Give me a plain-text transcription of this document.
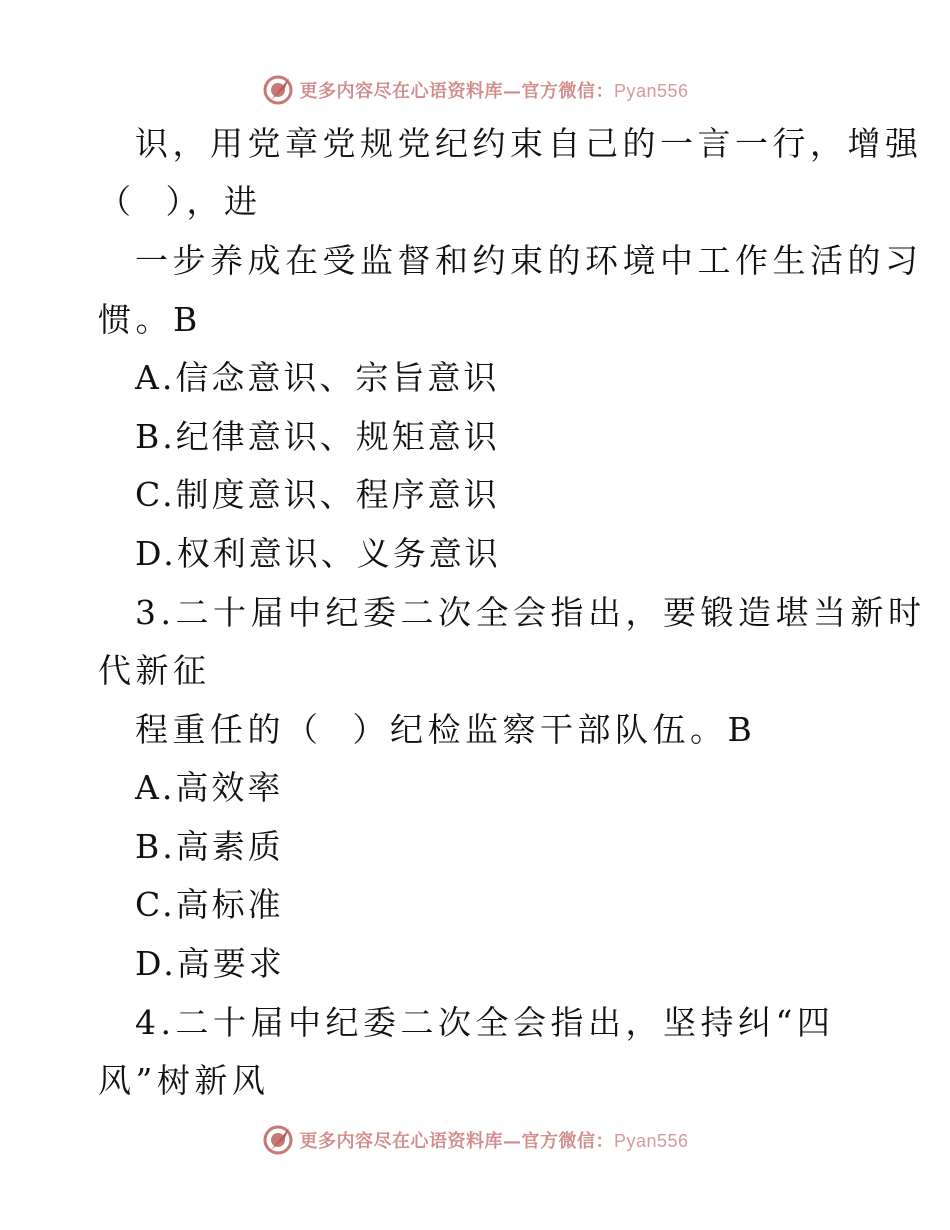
更多内容尽在心语资料库—官方微信：Pyan556
识，用党章党规党纪约束自己的一言一行，增强
（  ），进
一步养成在受监督和约束的环境中工作生活的习
惯。B
A.信念意识、宗旨意识
B.纪律意识、规矩意识
C.制度意识、程序意识
D.权利意识、义务意识
3.二十届中纪委二次全会指出，要锻造堪当新时
代新征
程重任的（  ）纪检监察干部队伍。B
A.高效率
B.高素质
C.高标准
D.高要求
4.二十届中纪委二次全会指出，坚持纠“四
风”树新风
更多内容尽在心语资料库—官方微信：Pyan556
